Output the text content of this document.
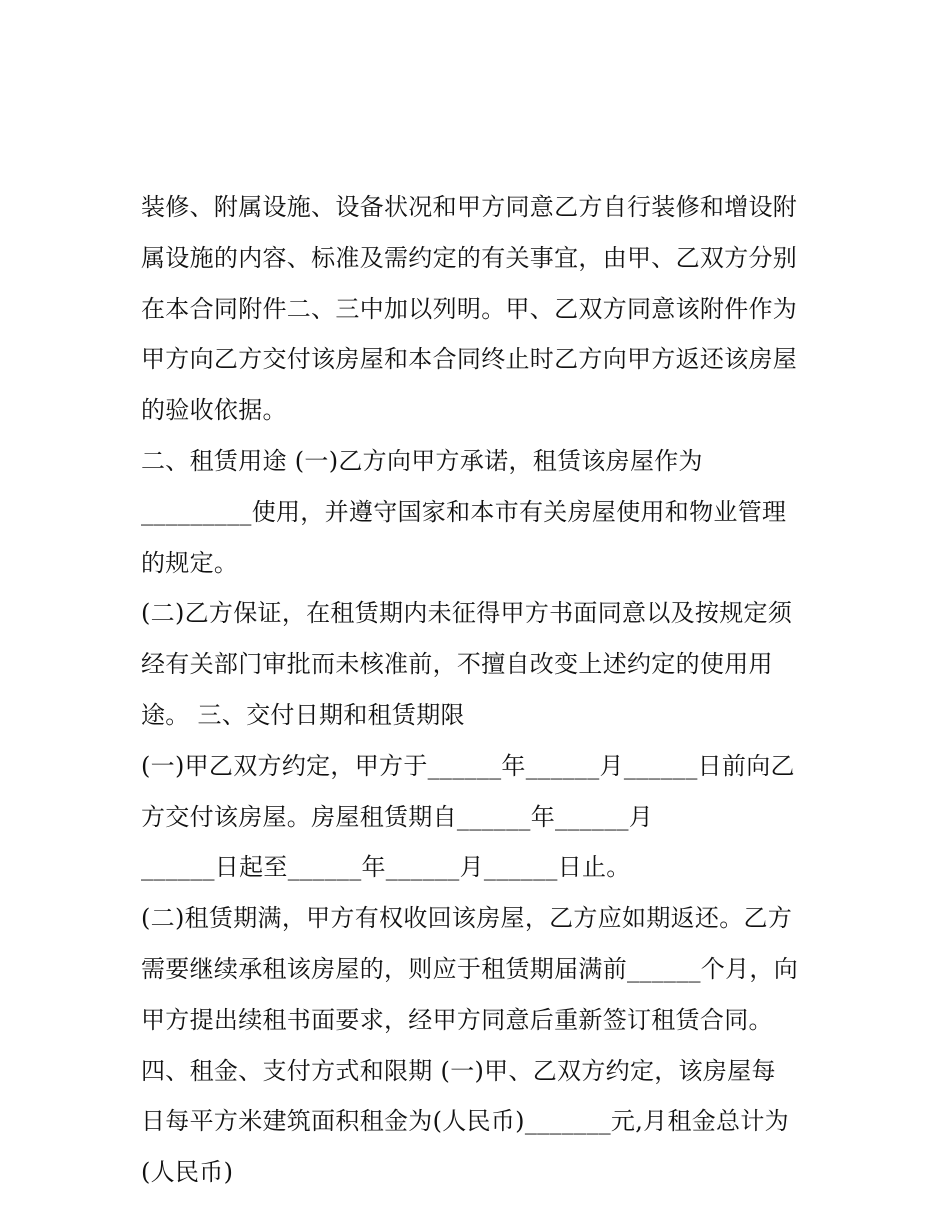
装修、附属设施、设备状况和甲方同意乙方自行装修和增设附
属设施的内容、标准及需约定的有关事宜，由甲、乙双方分别
在本合同附件二、三中加以列明。甲、乙双方同意该附件作为
甲方向乙方交付该房屋和本合同终止时乙方向甲方返还该房屋
的验收依据。
二、租赁用途 (一)乙方向甲方承诺，租赁该房屋作为
_________使用，并遵守国家和本市有关房屋使用和物业管理
的规定。
(二)乙方保证，在租赁期内未征得甲方书面同意以及按规定须
经有关部门审批而未核准前，不擅自改变上述约定的使用用
途。 三、交付日期和租赁期限
(一)甲乙双方约定，甲方于______年______月______日前向乙
方交付该房屋。房屋租赁期自______年______月
______日起至______年______月______日止。
(二)租赁期满，甲方有权收回该房屋，乙方应如期返还。乙方
需要继续承租该房屋的，则应于租赁期届满前______个月，向
甲方提出续租书面要求，经甲方同意后重新签订租赁合同。
四、租金、支付方式和限期 (一)甲、乙双方约定，该房屋每
日每平方米建筑面积租金为(人民币)_______元,月租金总计为
(人民币)
